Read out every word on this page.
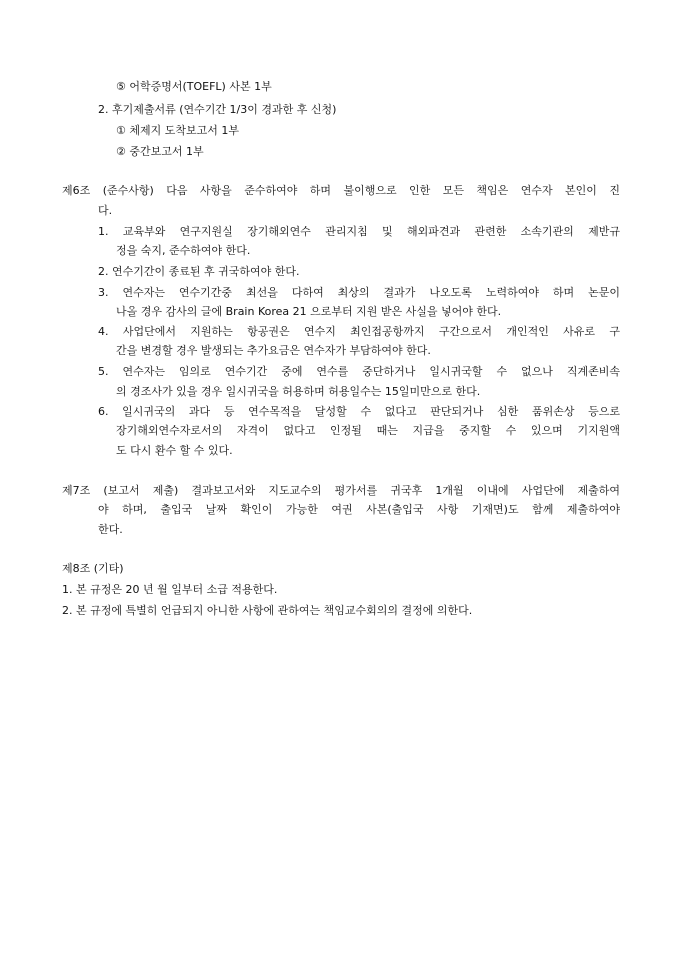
⑤ 어학증명서(TOEFL) 사본 1부
2. 후기제출서류 (연수기간 1/3이 경과한 후 신청)
① 체제지 도착보고서 1부
② 중간보고서 1부
제6조 (준수사항) 다음 사항을 준수하여야 하며 불이행으로 인한 모든 책임은 연수자 본인이 진
다.
1. 교육부와 연구지원실 장기해외연수 관리지침 및 해외파견과 관련한 소속기관의 제반규
정을 숙지, 준수하여야 한다.
2. 연수기간이 종료된 후 귀국하여야 한다.
3. 연수자는 연수기간중 최선을 다하여 최상의 결과가 나오도록 노력하여야 하며 논문이
나올 경우 감사의 글에 Brain Korea 21 으로부터 지원 받은 사실을 넣어야 한다.
4. 사업단에서 지원하는 항공권은 연수지 최인접공항까지 구간으로서 개인적인 사유로 구
간을 변경할 경우 발생되는 추가요금은 연수자가 부담하여야 한다.
5. 연수자는 임의로 연수기간 중에 연수를 중단하거나 일시귀국할 수 없으나 직계존비속
의 경조사가 있을 경우 일시귀국을 허용하며 허용일수는 15일미만으로 한다.
6. 일시귀국의 과다 등 연수목적을 달성할 수 없다고 판단되거나 심한 품위손상 등으로
장기해외연수자로서의 자격이 없다고 인정될 때는 지급을 중지할 수 있으며 기지원액
도 다시 환수 할 수 있다.
제7조 (보고서 제출) 결과보고서와 지도교수의 평가서를 귀국후 1개월 이내에 사업단에 제출하여
야 하며, 출입국 날짜 확인이 가능한 여권 사본(출입국 사항 기재면)도 함께 제출하여야
한다.
제8조 (기타)
1. 본 규정은 20 년 월 일부터 소급 적용한다.
2. 본 규정에 특별히 언급되지 아니한 사항에 관하여는 책임교수회의의 결정에 의한다.
